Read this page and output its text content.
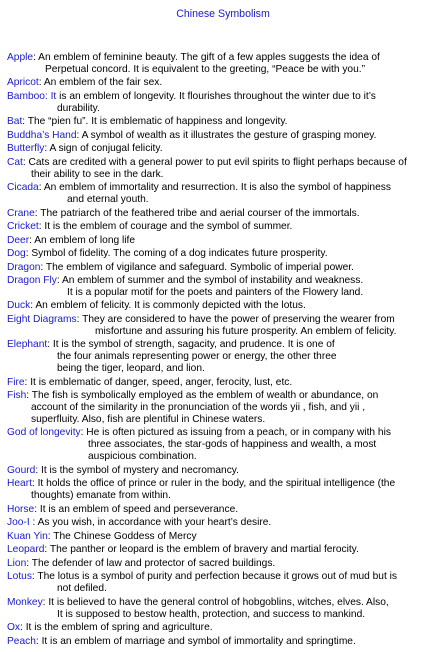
Chinese Symbolism
Apple: An emblem of feminine beauty. The gift of a few apples suggests the idea of
Perpetual concord. It is equivalent to the greeting, “Peace be with you.”
Apricot: An emblem of the fair sex.
Bamboo: It is an emblem of longevity. It flourishes throughout the winter due to it’s
durability.
Bat: The “pien fu”. It is emblematic of happiness and longevity.
Buddha’s Hand: A symbol of wealth as it illustrates the gesture of grasping money.
Butterfly: A sign of conjugal felicity.
Cat: Cats are credited with a general power to put evil spirits to flight perhaps because of
their ability to see in the dark.
Cicada: An emblem of immortality and resurrection. It is also the symbol of happiness
and eternal youth.
Crane: The patriarch of the feathered tribe and aerial courser of the immortals.
Cricket: It is the emblem of courage and the symbol of summer.
Deer: An emblem of long life
Dog: Symbol of fidelity. The coming of a dog indicates future prosperity.
Dragon: The emblem of vigilance and safeguard. Symbolic of imperial power.
Dragon Fly: An emblem of summer and the symbol of instability and weakness.
It is a popular motif for the poets and painters of the Flowery land.
Duck: An emblem of felicity. It is commonly depicted with the lotus.
Eight Diagrams: They are considered to have the power of preserving the wearer from
misfortune and assuring his future prosperity. An emblem of felicity.
Elephant: It is the symbol of strength, sagacity, and prudence. It is one of
the four animals representing power or energy, the other three
being the tiger, leopard, and lion.
Fire: It is emblematic of danger, speed, anger, ferocity, lust, etc.
Fish: The fish is symbolically employed as the emblem of wealth or abundance, on
account of the similarity in the pronunciation of the words yii , fish, and yii ,
superfluity. Also, fish are plentiful in Chinese waters.
God of longevity: He is often pictured as issuing from a peach, or in company with his
three associates, the star-gods of happiness and wealth, a most
auspicious combination.
Gourd: It is the symbol of mystery and necromancy.
Heart: It holds the office of prince or ruler in the body, and the spiritual intelligence (the
thoughts) emanate from within.
Horse: It is an emblem of speed and perseverance.
Joo-I : As you wish, in accordance with your heart’s desire.
Kuan Yin: The Chinese Goddess of Mercy
Leopard: The panther or leopard is the emblem of bravery and martial ferocity.
Lion: The defender of law and protector of sacred buildings.
Lotus: The lotus is a symbol of purity and perfection because it grows out of mud but is
not defiled.
Monkey: It is believed to have the general control of hobgoblins, witches, elves. Also,
It is supposed to bestow health, protection, and success to mankind.
Ox: It is the emblem of spring and agriculture.
Peach: It is an emblem of marriage and symbol of immortality and springtime.
